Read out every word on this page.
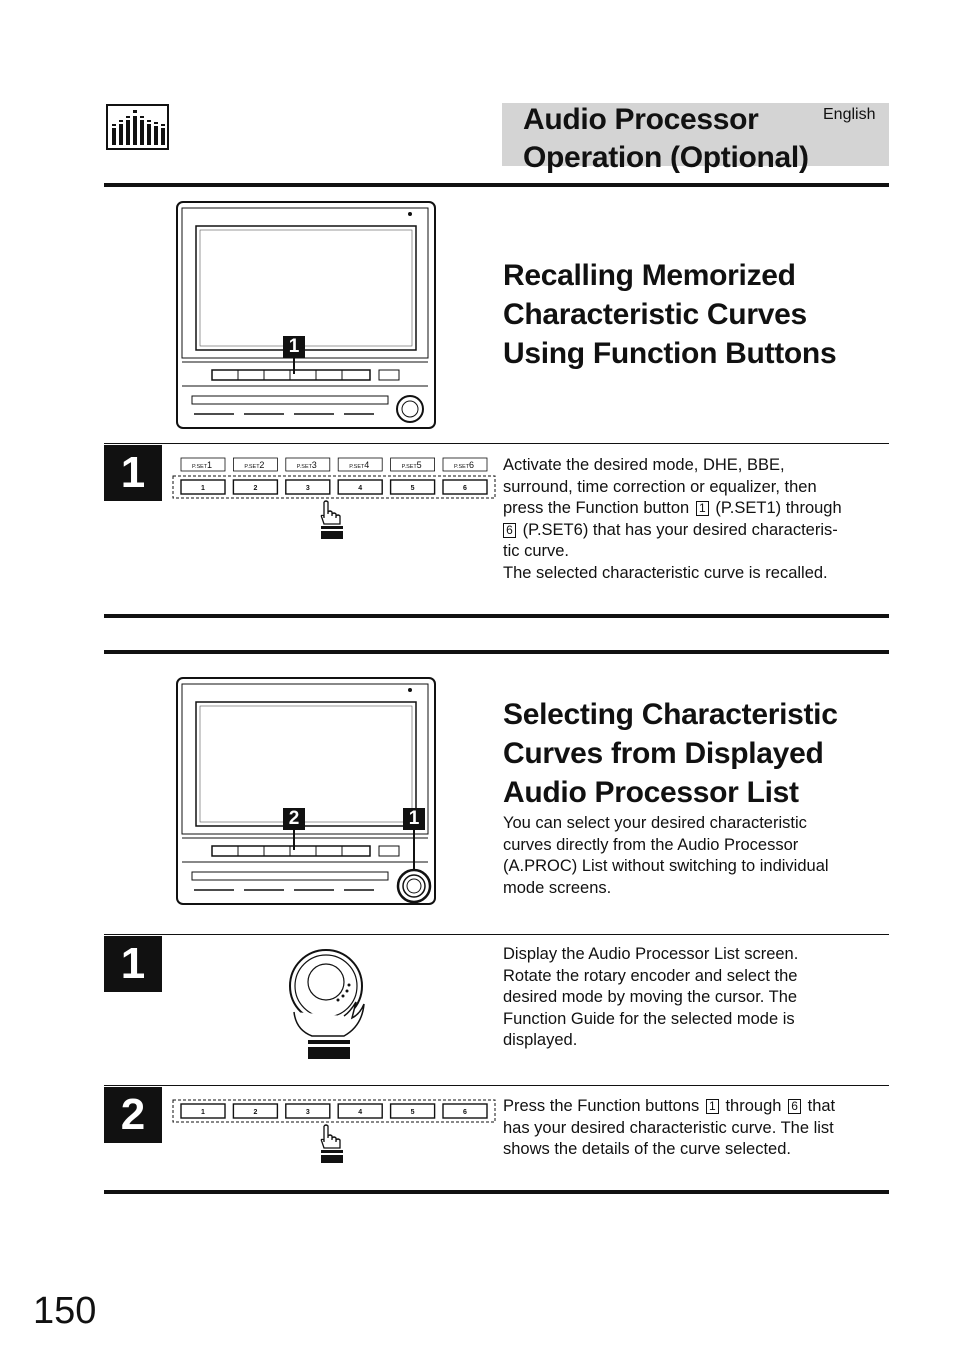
Audio Processor
Operation (Optional)
English
1
Recalling Memorized
Characteristic Curves
Using Function Buttons
1	P.SET 1
1
P.SET 2
2
P.SET 3
3
P.SET 4
4
P.SET 5
5
P.SET 6
6
Activate the desired mode, DHE, BBE,
surround, time correction or equalizer, then
press the Function button 1 (P.SET1) through
6 (P.SET6) that has your desired characteris-
tic curve.
The selected characteristic curve is recalled.
2	1
Selecting Characteristic
Curves from Displayed
Audio Processor List
You can select your desired characteristic
curves directly from the Audio Processor
(A.PROC) List without switching to individual
mode screens.
1	Display the Audio Processor List screen.
Rotate the rotary encoder and select the
desired mode by moving the cursor. The
Function Guide for the selected mode is
displayed.
2	1	2	3	4	5	6 Press the Function buttons 1 through 6 that
has your desired characteristic curve. The list
shows the details of the curve selected.
150
